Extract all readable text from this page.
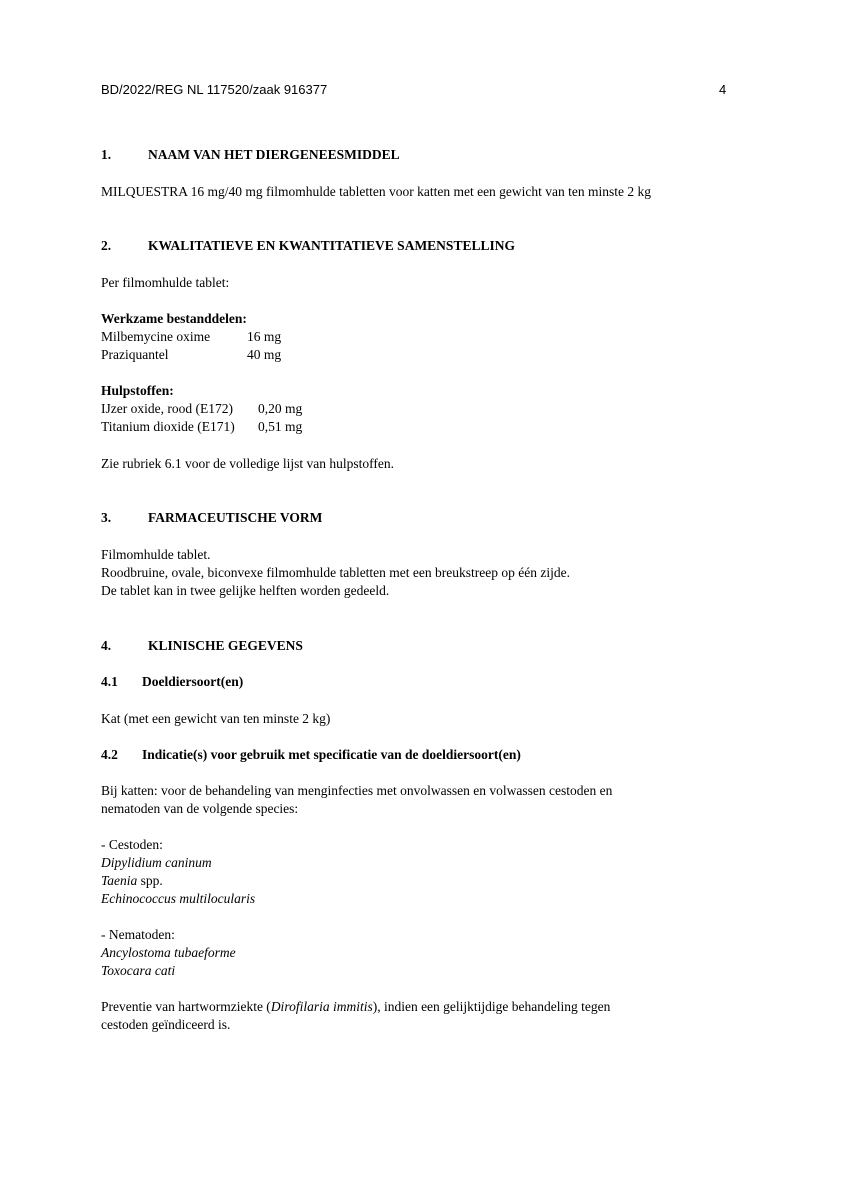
BD/2022/REG NL 117520/zaak 916377	4
1.	NAAM VAN HET DIERGENEESMIDDEL
MILQUESTRA 16 mg/40 mg filmomhulde tabletten voor katten met een gewicht van ten minste 2 kg
2.	KWALITATIEVE EN KWANTITATIEVE SAMENSTELLING
Per filmomhulde tablet:
Werkzame bestanddelen:
Milbemycine oxime	16 mg
Praziquantel	40 mg
Hulpstoffen:
IJzer oxide, rood (E172) 0,20 mg
Titanium dioxide (E171) 0,51 mg
Zie rubriek 6.1 voor de volledige lijst van hulpstoffen.
3.	FARMACEUTISCHE VORM
Filmomhulde tablet.
Roodbruine, ovale, biconvexe filmomhulde tabletten met een breukstreep op één zijde.
De tablet kan in twee gelijke helften worden gedeeld.
4.	KLINISCHE GEGEVENS
4.1 Doeldiersoort(en)
Kat (met een gewicht van ten minste 2 kg)
4.2 Indicatie(s) voor gebruik met specificatie van de doeldiersoort(en)
Bij katten: voor de behandeling van menginfecties met onvolwassen en volwassen cestoden en
nematoden van de volgende species:
- Cestoden:
Dipylidium caninum
Taenia spp.
Echinococcus multilocularis
- Nematoden:
Ancylostoma tubaeforme
Toxocara cati
Preventie van hartwormziekte (Dirofilaria immitis), indien een gelijktijdige behandeling tegen
cestoden geïndiceerd is.
